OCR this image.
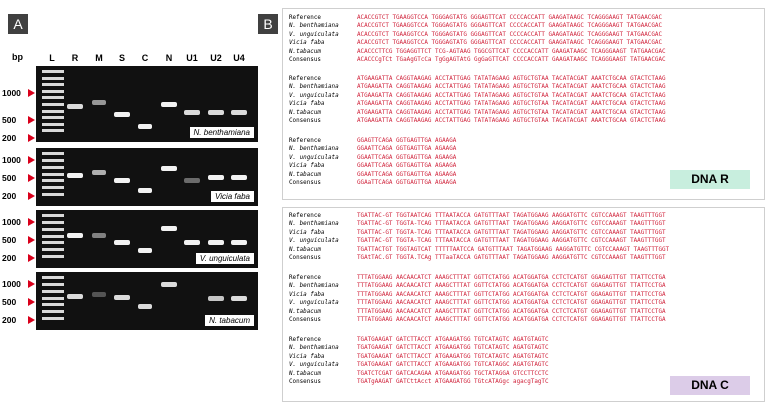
A	B
bp	L	R	M	S	C	N	U1	U2	U4
N. benthamiana
1000
500
200
Vicia faba
1000
500
200
V. unguiculata
1000
500
200
N. tabacum
1000
500
200
DNA R
Reference	ACACCGTCT TGAAGGTCCA TGGGAGTATG GGGAGTTCAT CCCCACCATT GAAGATAAGC TCAGGGAAGT TATGAACGAC
N. benthamiana	ACACCGTCT TGAAGGTCCA TGGGAGTATG GGGAGTTCAT CCCCACCATT GAAGATAAGC TCAGGGAAGT TATGAACGAC
V. unguiculata	ACACCGTCT TGAAGGTCCA TGGGAGTATG GGGAGTTCAT CCCCACCATT GAAGATAAGC TCAGGGAAGT TATGAACGAC
Vicia faba	ACACCGTCT TGAAGGTCCA TGGGAGTATG GGGAGTTCAT CCCCACCATT GAAGATAAGC TCAGGGAAGT TATGAACGAC
N.tabacum	ACACCCTTCG TGGAGGTTCT TCG-AGTAAG TGGCGTTCAT CCCCACCATT GAAGATAAGC TCAGGGAAGT TATGAACGAC
Consensus	ACACCCgTCt TGaAgGTcCa TgGgAGTAtG GgGaGTTCAT CCCCACCATT GAAGATAAGC TCAGGGAAGT TATGAACGAC
Reference	ATGAAGATTA CAGGTAAGAG ACCTATTGAG TATATAGAAG AGTGCTGTAA TACATACGAT AAATCTGCAA GTACTCTAAG
N. benthamiana	ATGAAGATTA CAGGTAAGAG ACCTATTGAG TATATAGAAG AGTGCTGTAA TACATACGAT AAATCTGCAA GTACTCTAAG
V. unguiculata	ATGAAGATTA CAGGTAAGAG ACCTATTGAG TATATAGAAG AGTGCTGTAA TACATACGAT AAATCTGCAA GTACTCTAAG
Vicia faba	ATGAAGATTA CAGGTAAGAG ACCTATTGAG TATATAGAAG AGTGCTGTAA TACATACGAT AAATCTGCAA GTACTCTAAG
N.tabacum	ATGAAGATTA CAGGTAAGAG ACCTATTGAG TATATAGAAG AGTGCTGTAA TACATACGAT AAATCTGCAA GTACTCTAAG
Consensus	ATGAAGATTA CAGGTAAGAG ACCTATTGAG TATATAGAAG AGTGCTGTAA TACATACGAT AAATCTGCAA GTACTCTAAG
Reference	GGAGTTCAGA GGTGAGTTGA AGAAGA
N. benthamiana	GGAATTCAGA GGTGAGTTGA AGAAGA
V. unguiculata	GGAATTCAGA GGTGAGTTGA AGAAGA
Vicia faba	GGAATTCAGA GGTGAGTTGA AGAAGA
N.tabacum	GGAATTCAGA GGTGAGTTGA AGAAGA
Consensus	GGAaTTCAGA GGTGAGTTGA AGAAGA
DNA C
Reference	TGATTAC-GT TGGTAATCAG TTTAATACCA GATGTTTAAT TAGATGGAAG AAGGATGTTC CGTCCAAAGT TAAGTTTGGT
N. benthamiana	TGATTAC-GT TGGTA-TCAG TTTAATACCA GATGTTTAAT TAGATGGAAG AAGGATGTTC CGTCCAAAGT TAAGTTTGGT
Vicia faba	TGATTAC-GT TGGTA-TCAG TTTAATACCA GATGTTTAAT TAGATGGAAG AAGGATGTTC CGTCCAAAGT TAAGTTTGGT
V. unguiculata	TGATTAC-GT TGGTA-TCAG TTTAATACCA GATGTTTAAT TAGATGGAAG AAGGATGTTC CGTCCAAAGT TAAGTTTGGT
N.tabacum	TGATTACTGT TGGTAGTCAT TTTTTAATCCA GATGTTTAAT TAGATGGAAG AAGGATGTTC CGTCCAAAGT TAAGTTTGGT
Consensus	TGAtTAC.GT TGGTA.TCAg TTTaaTACCA GATGTTTAAT TAGATGGAAG AAGGATGTTC CGTCCAAAGT TAAGTTTGGT
Reference	TTTATGGAAG AACAACATCT AAAGCTTTAT GGTTCTATGG ACATGGATGA CCTCTCATGT GGAGAGTTGT TTATTCCTGA
N. benthamiana	TTTATGGAAG AACAACATCT AAAGCTTTAT GGTTCTATGG ACATGGATGA CCTCTCATGT GGAGAGTTGT TTATTCCTGA
Vicia faba	TTTATGGAAG AACAACATCT AAAGCTTTAT GGTTCTATGG ACATGGATGA CCTCTCATGT GGAGAGTTGT TTATTCCTGA
V. unguiculata	TTTATGGAAG AACAACATCT AAAGCTTTAT GGTTCTATGG ACATGGATGA CCTCTCATGT GGAGAGTTGT TTATTCCTGA
N.tabacum	TTTATGGAAG AACAACATCT AAAGCTTTAT GGTTCTATGG ACATGGATGA CCTCTCATGT GGAGAGTTGT TTATTCCTGA
Consensus	TTTATGGAAG AACAACATCT AAAGCTTTAT GGTTCTATGG ACATGGATGA CCTCTCATGT GGAGAGTTGT TTATTCCTGA
Reference	TGATGAAGAT GATCTTACCT ATGAAGATGG TGTCATAGTC AGATGTAGTC
N. benthamiana	TGATGAAGAT GATCTTACCT ATGAAGATGG TGTCATAGTC AGATGTAGTC
Vicia faba	TGATGAAGAT GATCTTACCT ATGAAGATGG TGTCATAGTC AGATGTAGTC
V. unguiculata	TGATGAAGAT GATCTTACCT ATGAAGATGG TGTCATAGGC AGATGTAGTC
N.tabacum	TGATCTCGAT GATCACAGAA ATGAAGATGG TGCTATAGGA GTCCTTCCTC
Consensus	TGATgAAGAT GATCttAcct ATGAAGATGG TGtcATAGgc agacgTagTC
